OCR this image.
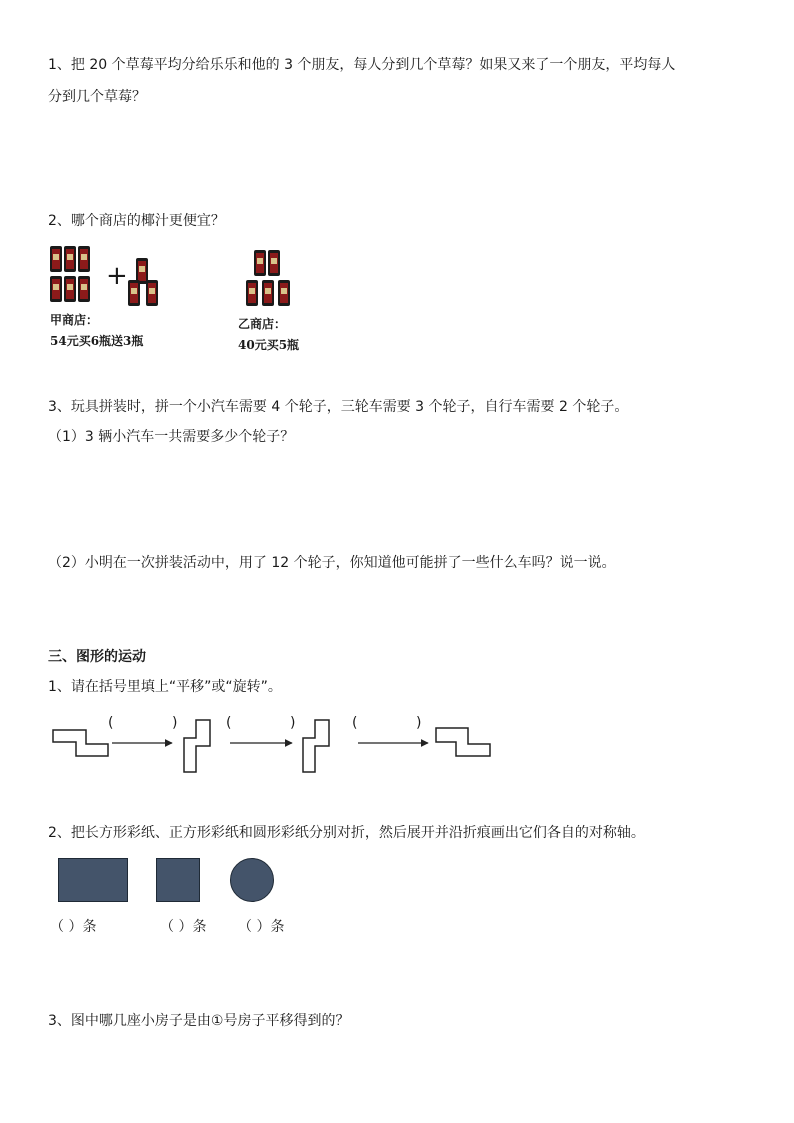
1、把 20 个草莓平均分给乐乐和他的 3 个朋友，每人分到几个草莓？如果又来了一个朋友，平均每人
分到几个草莓？
2、哪个商店的椰汁更便宜？
+
甲商店：
54元买6瓶送3瓶
乙商店：
40元买5瓶
3、玩具拼装时，拼一个小汽车需要 4 个轮子，三轮车需要 3 个轮子，自行车需要 2 个轮子。
（1）3 辆小汽车一共需要多少个轮子？
（2）小明在一次拼装活动中，用了 12 个轮子，你知道他可能拼了一些什么车吗？说一说。
三、图形的运动
1、请在括号里填上“平移”或“旋转”。
(	)	(	)	(	)
2、把长方形彩纸、正方形彩纸和圆形彩纸分别对折，然后展开并沿折痕画出它们各自的对称轴。
（ ）条	（ ）条 （ ）条
3、图中哪几座小房子是由①号房子平移得到的？
